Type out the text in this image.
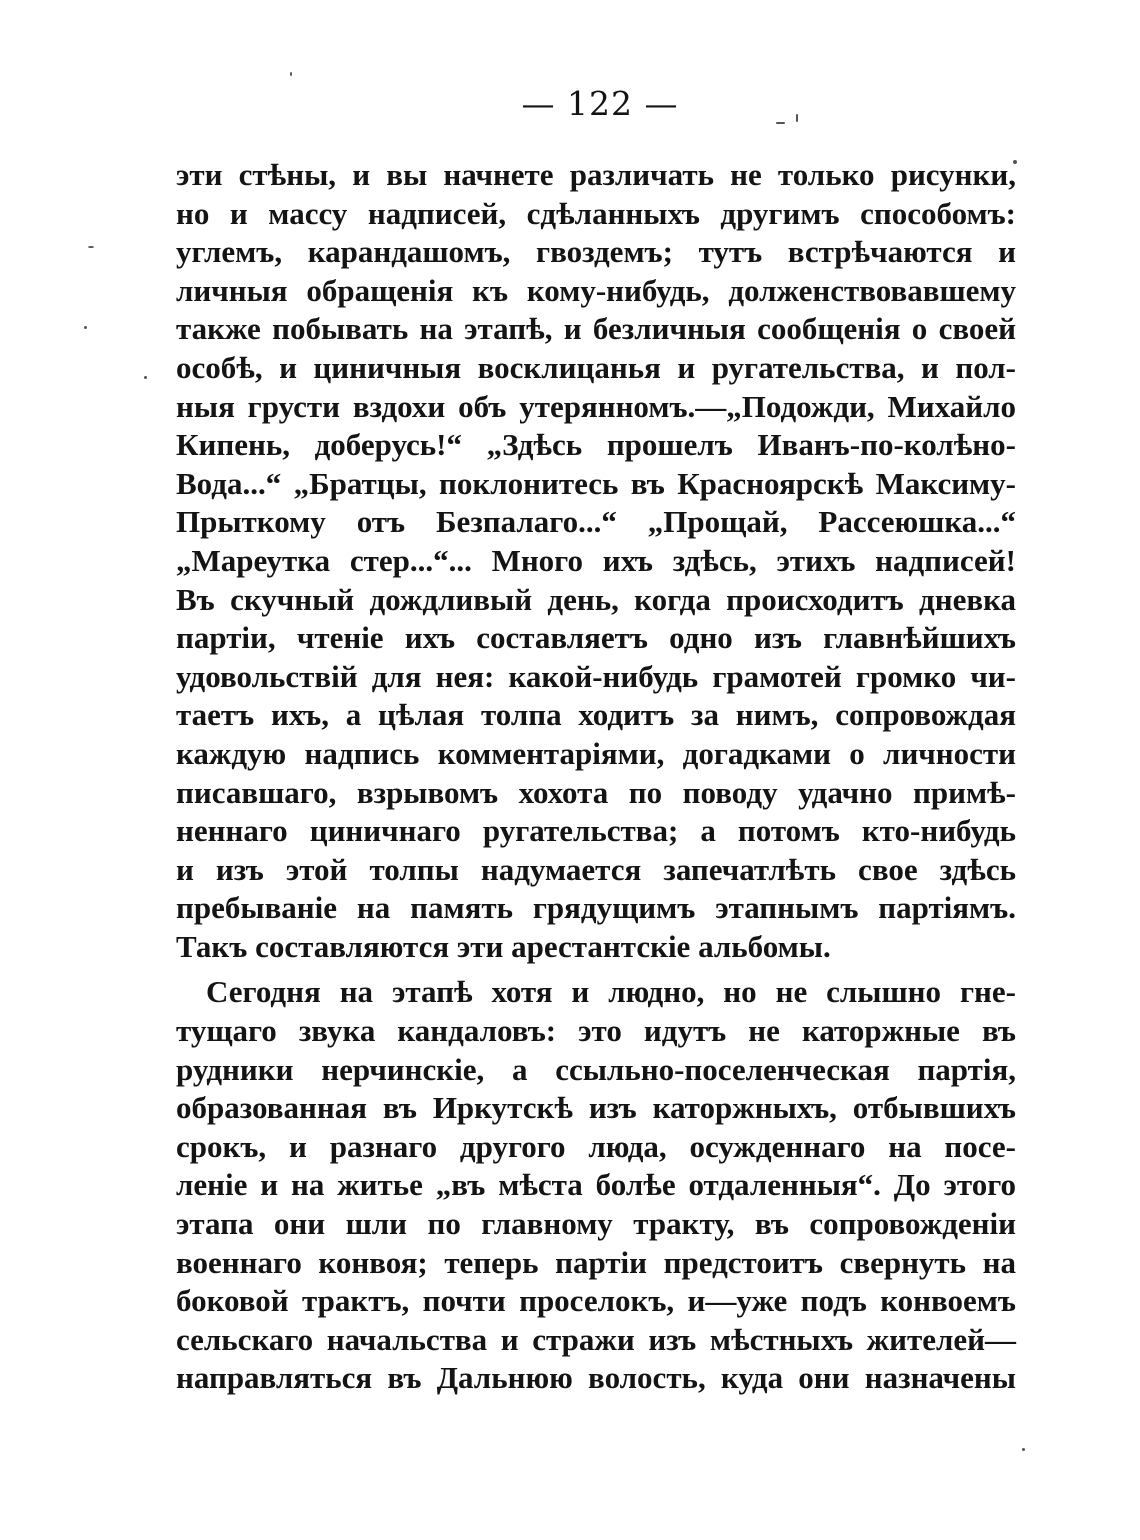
— 122 —
эти стѣны, и вы начнете различать не только рисунки,
но и массу надписей, сдѣланныхъ другимъ способомъ:
углемъ, карандашомъ, гвоздемъ; тутъ встрѣчаются и
личныя обращенія къ кому-нибудь, долженствовавшему
также побывать на этапѣ, и безличныя сообщенія о своей
особѣ, и циничныя восклицанья и ругательства, и пол-
ныя грусти вздохи объ утерянномъ.—„Подожди, Михайло
Кипень, доберусь!“ „Здѣсь прошелъ Иванъ-по-колѣно-
Вода...“ „Братцы, поклонитесь въ Красноярскѣ Максиму-
Прыткому отъ Безпалаго...“ „Прощай, Рассеюшка...“
„Мареутка стер...“... Много ихъ здѣсь, этихъ надписей!
Въ скучный дождливый день, когда происходитъ дневка
партіи, чтеніе ихъ составляетъ одно изъ главнѣйшихъ
удовольствій для нея: какой-нибудь грамотей громко чи-
таетъ ихъ, а цѣлая толпа ходитъ за нимъ, сопровождая
каждую надпись комментаріями, догадками о личности
писавшаго, взрывомъ хохота по поводу удачно примѣ-
неннаго циничнаго ругательства; а потомъ кто-нибудь
и изъ этой толпы надумается запечатлѣть свое здѣсь
пребываніе на память грядущимъ этапнымъ партіямъ.
Такъ составляются эти арестантскіе альбомы.
Сегодня на этапѣ хотя и людно, но не слышно гне-
тущаго звука кандаловъ: это идутъ не каторжные въ
рудники нерчинскіе, а ссыльно-поселенческая партія,
образованная въ Иркутскѣ изъ каторжныхъ, отбывшихъ
срокъ, и разнаго другого люда, осужденнаго на посе-
леніе и на житье „въ мѣста болѣе отдаленныя“. До этого
этапа они шли по главному тракту, въ сопровожденіи
военнаго конвоя; теперь партіи предстоитъ свернуть на
боковой трактъ, почти проселокъ, и—уже подъ конвоемъ
сельскаго начальства и стражи изъ мѣстныхъ жителей—
направляться въ Дальнюю волость, куда они назначены
